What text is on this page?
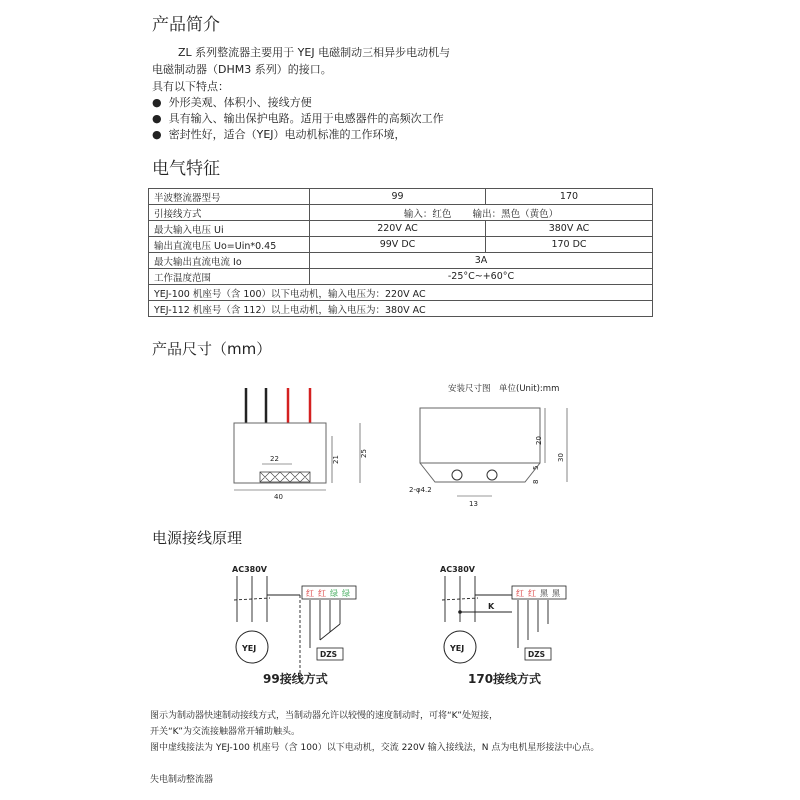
产品简介
ZL 系列整流器主要用于 YEJ 电磁制动三相异步电动机与
电磁制动器（DHM3 系列）的接口。
具有以下特点：
● 外形美观、体积小、接线方便
● 具有输入、输出保护电路。适用于电感器件的高频次工作
● 密封性好，适合（YEJ）电动机标准的工作环境，
电气特征
半波整流器型号	99	170
引接线方式	输入：红色 输出：黑色（黄色）	
最大输入电压 Ui	220V AC	380V AC
输出直流电压 Uo=Uin*0.45	99V DC	170 DC
最大输出直流电流 Io	3A	
工作温度范围	-25°C~+60°C	
YEJ-100 机座号（含 100）以下电动机，输入电压为：220V AC		
YEJ-112 机座号（含 112）以上电动机，输入电压为：380V AC		
产品尺寸（mm）
安装尺寸图　单位(Unit):mm
22
40
21
25
2-φ4.2
13
20
30
5
8
电源接线原理
AC380V
红 红 绿 绿
YEJ
DZS
99接线方式
AC380V
K
红 红 黑 黑
YEJ
DZS
170接线方式
图示为制动器快速制动接线方式，当制动器允许以较慢的速度制动时，可将“K”处短接，
开关“K”为交流接触器常开辅助触头。
图中虚线接法为 YEJ-100 机座号（含 100）以下电动机，交流 220V 输入接线法，N 点为电机星形接法中心点。
失电制动整流器
